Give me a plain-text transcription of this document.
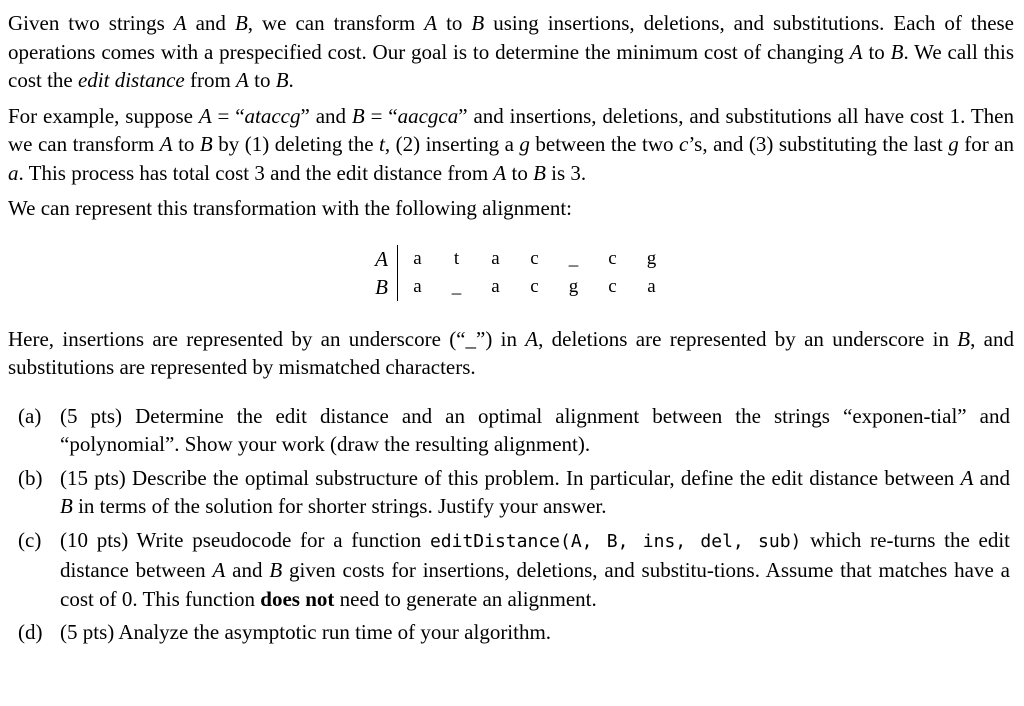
Given two strings A and B, we can transform A to B using insertions, deletions, and substitutions. Each of these operations comes with a prespecified cost. Our goal is to determine the minimum cost of changing A to B. We call this cost the edit distance from A to B.

For example, suppose A = “ataccg” and B = “aacgca” and insertions, deletions, and substitutions all have cost 1. Then we can transform A to B by (1) deleting the t, (2) inserting a g between the two c’s, and (3) substituting the last g for an a. This process has total cost 3 and the edit distance from A to B is 3.

We can represent this transformation with the following alignment:

A	a	t	a	c	_	c	g
B	a	_	a	c	g	c	a

Here, insertions are represented by an underscore (“_”) in A, deletions are represented by an underscore in B, and substitutions are represented by mismatched characters.

(a) (5 pts) Determine the edit distance and an optimal alignment between the strings “exponen-tial” and “polynomial”. Show your work (draw the resulting alignment).
(b) (15 pts) Describe the optimal substructure of this problem. In particular, define the edit distance between A and B in terms of the solution for shorter strings. Justify your answer.
(c) (10 pts) Write pseudocode for a function editDistance(A, B, ins, del, sub) which re-turns the edit distance between A and B given costs for insertions, deletions, and substitu-tions. Assume that matches have a cost of 0. This function does not need to generate an alignment.
(d) (5 pts) Analyze the asymptotic run time of your algorithm.
